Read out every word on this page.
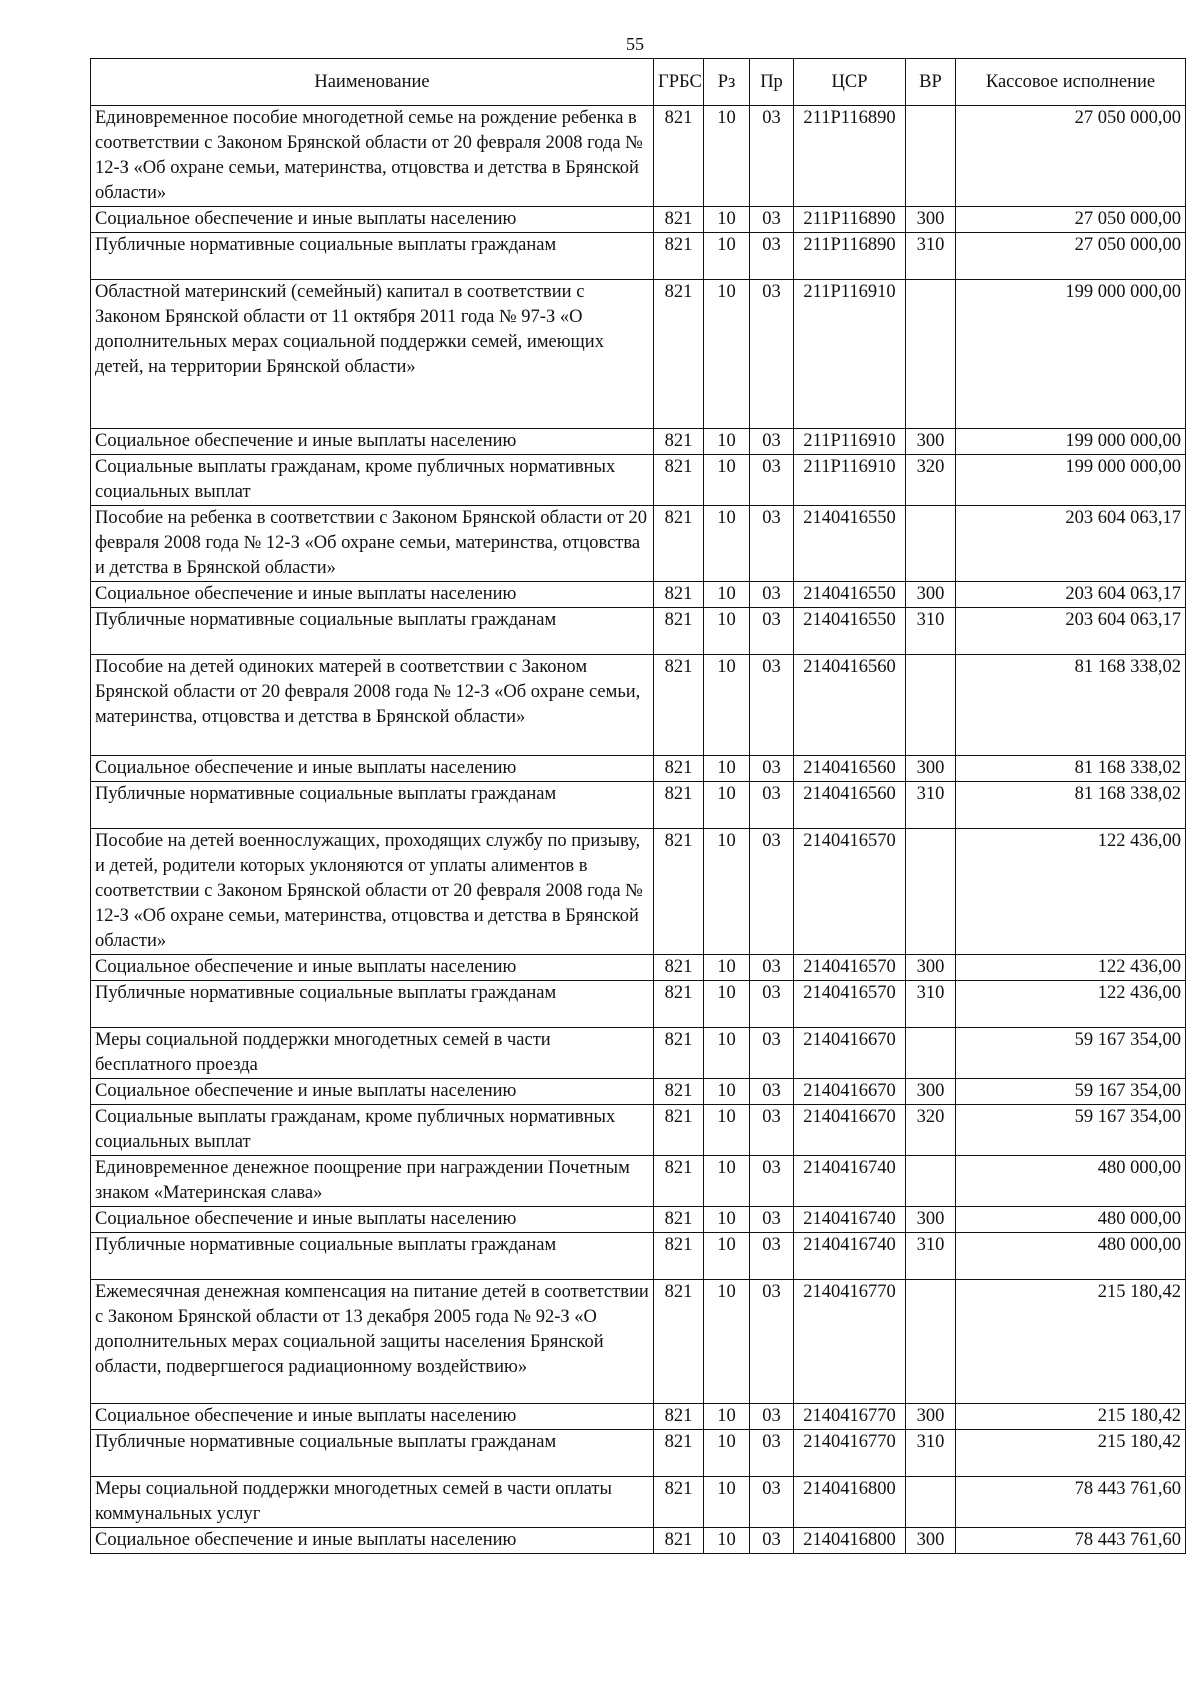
55
Наименование	ГРБС	Рз	Пр	ЦСР	ВР	Кассовое исполнение
Единовременное пособие многодетной семье на рождение ребенка в соответствии с Законом Брянской области от 20 февраля 2008 года № 12-З «Об охране семьи, материнства, отцовства и детства в Брянской области»	821	10	03	211Р116890		27 050 000,00
Социальное обеспечение и иные выплаты населению	821	10	03	211Р116890	300	27 050 000,00
Публичные нормативные социальные выплаты гражданам	821	10	03	211Р116890	310	27 050 000,00
Областной материнский (семейный) капитал в соответствии с Законом Брянской области от 11 октября 2011 года № 97-З «О дополнительных мерах социальной поддержки семей, имеющих детей, на территории Брянской области»	821	10	03	211Р116910		199 000 000,00
Социальное обеспечение и иные выплаты населению	821	10	03	211Р116910	300	199 000 000,00
Социальные выплаты гражданам, кроме публичных нормативных социальных выплат	821	10	03	211Р116910	320	199 000 000,00
Пособие на ребенка в соответствии с Законом Брянской области от 20 февраля 2008 года № 12-З «Об охране семьи, материнства, отцовства и детства в Брянской области»	821	10	03	2140416550		203 604 063,17
Социальное обеспечение и иные выплаты населению	821	10	03	2140416550	300	203 604 063,17
Публичные нормативные социальные выплаты гражданам	821	10	03	2140416550	310	203 604 063,17
Пособие на детей одиноких матерей в соответствии с Законом Брянской области от 20 февраля 2008 года № 12-З «Об охране семьи, материнства, отцовства и детства в Брянской области»	821	10	03	2140416560		81 168 338,02
Социальное обеспечение и иные выплаты населению	821	10	03	2140416560	300	81 168 338,02
Публичные нормативные социальные выплаты гражданам	821	10	03	2140416560	310	81 168 338,02
Пособие на детей военнослужащих, проходящих службу по призыву, и детей, родители которых уклоняются от уплаты алиментов в соответствии с Законом Брянской области от 20 февраля 2008 года № 12-З «Об охране семьи, материнства, отцовства и детства в Брянской области»	821	10	03	2140416570		122 436,00
Социальное обеспечение и иные выплаты населению	821	10	03	2140416570	300	122 436,00
Публичные нормативные социальные выплаты гражданам	821	10	03	2140416570	310	122 436,00
Меры социальной поддержки многодетных семей в части бесплатного проезда	821	10	03	2140416670		59 167 354,00
Социальное обеспечение и иные выплаты населению	821	10	03	2140416670	300	59 167 354,00
Социальные выплаты гражданам, кроме публичных нормативных социальных выплат	821	10	03	2140416670	320	59 167 354,00
Единовременное денежное поощрение при награждении Почетным знаком «Материнская слава»	821	10	03	2140416740		480 000,00
Социальное обеспечение и иные выплаты населению	821	10	03	2140416740	300	480 000,00
Публичные нормативные социальные выплаты гражданам	821	10	03	2140416740	310	480 000,00
Ежемесячная денежная компенсация на питание детей в соответствии с Законом Брянской области от 13 декабря 2005 года № 92-З «О дополнительных мерах социальной защиты населения Брянской области, подвергшегося радиационному воздействию»	821	10	03	2140416770		215 180,42
Социальное обеспечение и иные выплаты населению	821	10	03	2140416770	300	215 180,42
Публичные нормативные социальные выплаты гражданам	821	10	03	2140416770	310	215 180,42
Меры социальной поддержки многодетных семей в части оплаты коммунальных услуг	821	10	03	2140416800		78 443 761,60
Социальное обеспечение и иные выплаты населению	821	10	03	2140416800	300	78 443 761,60
